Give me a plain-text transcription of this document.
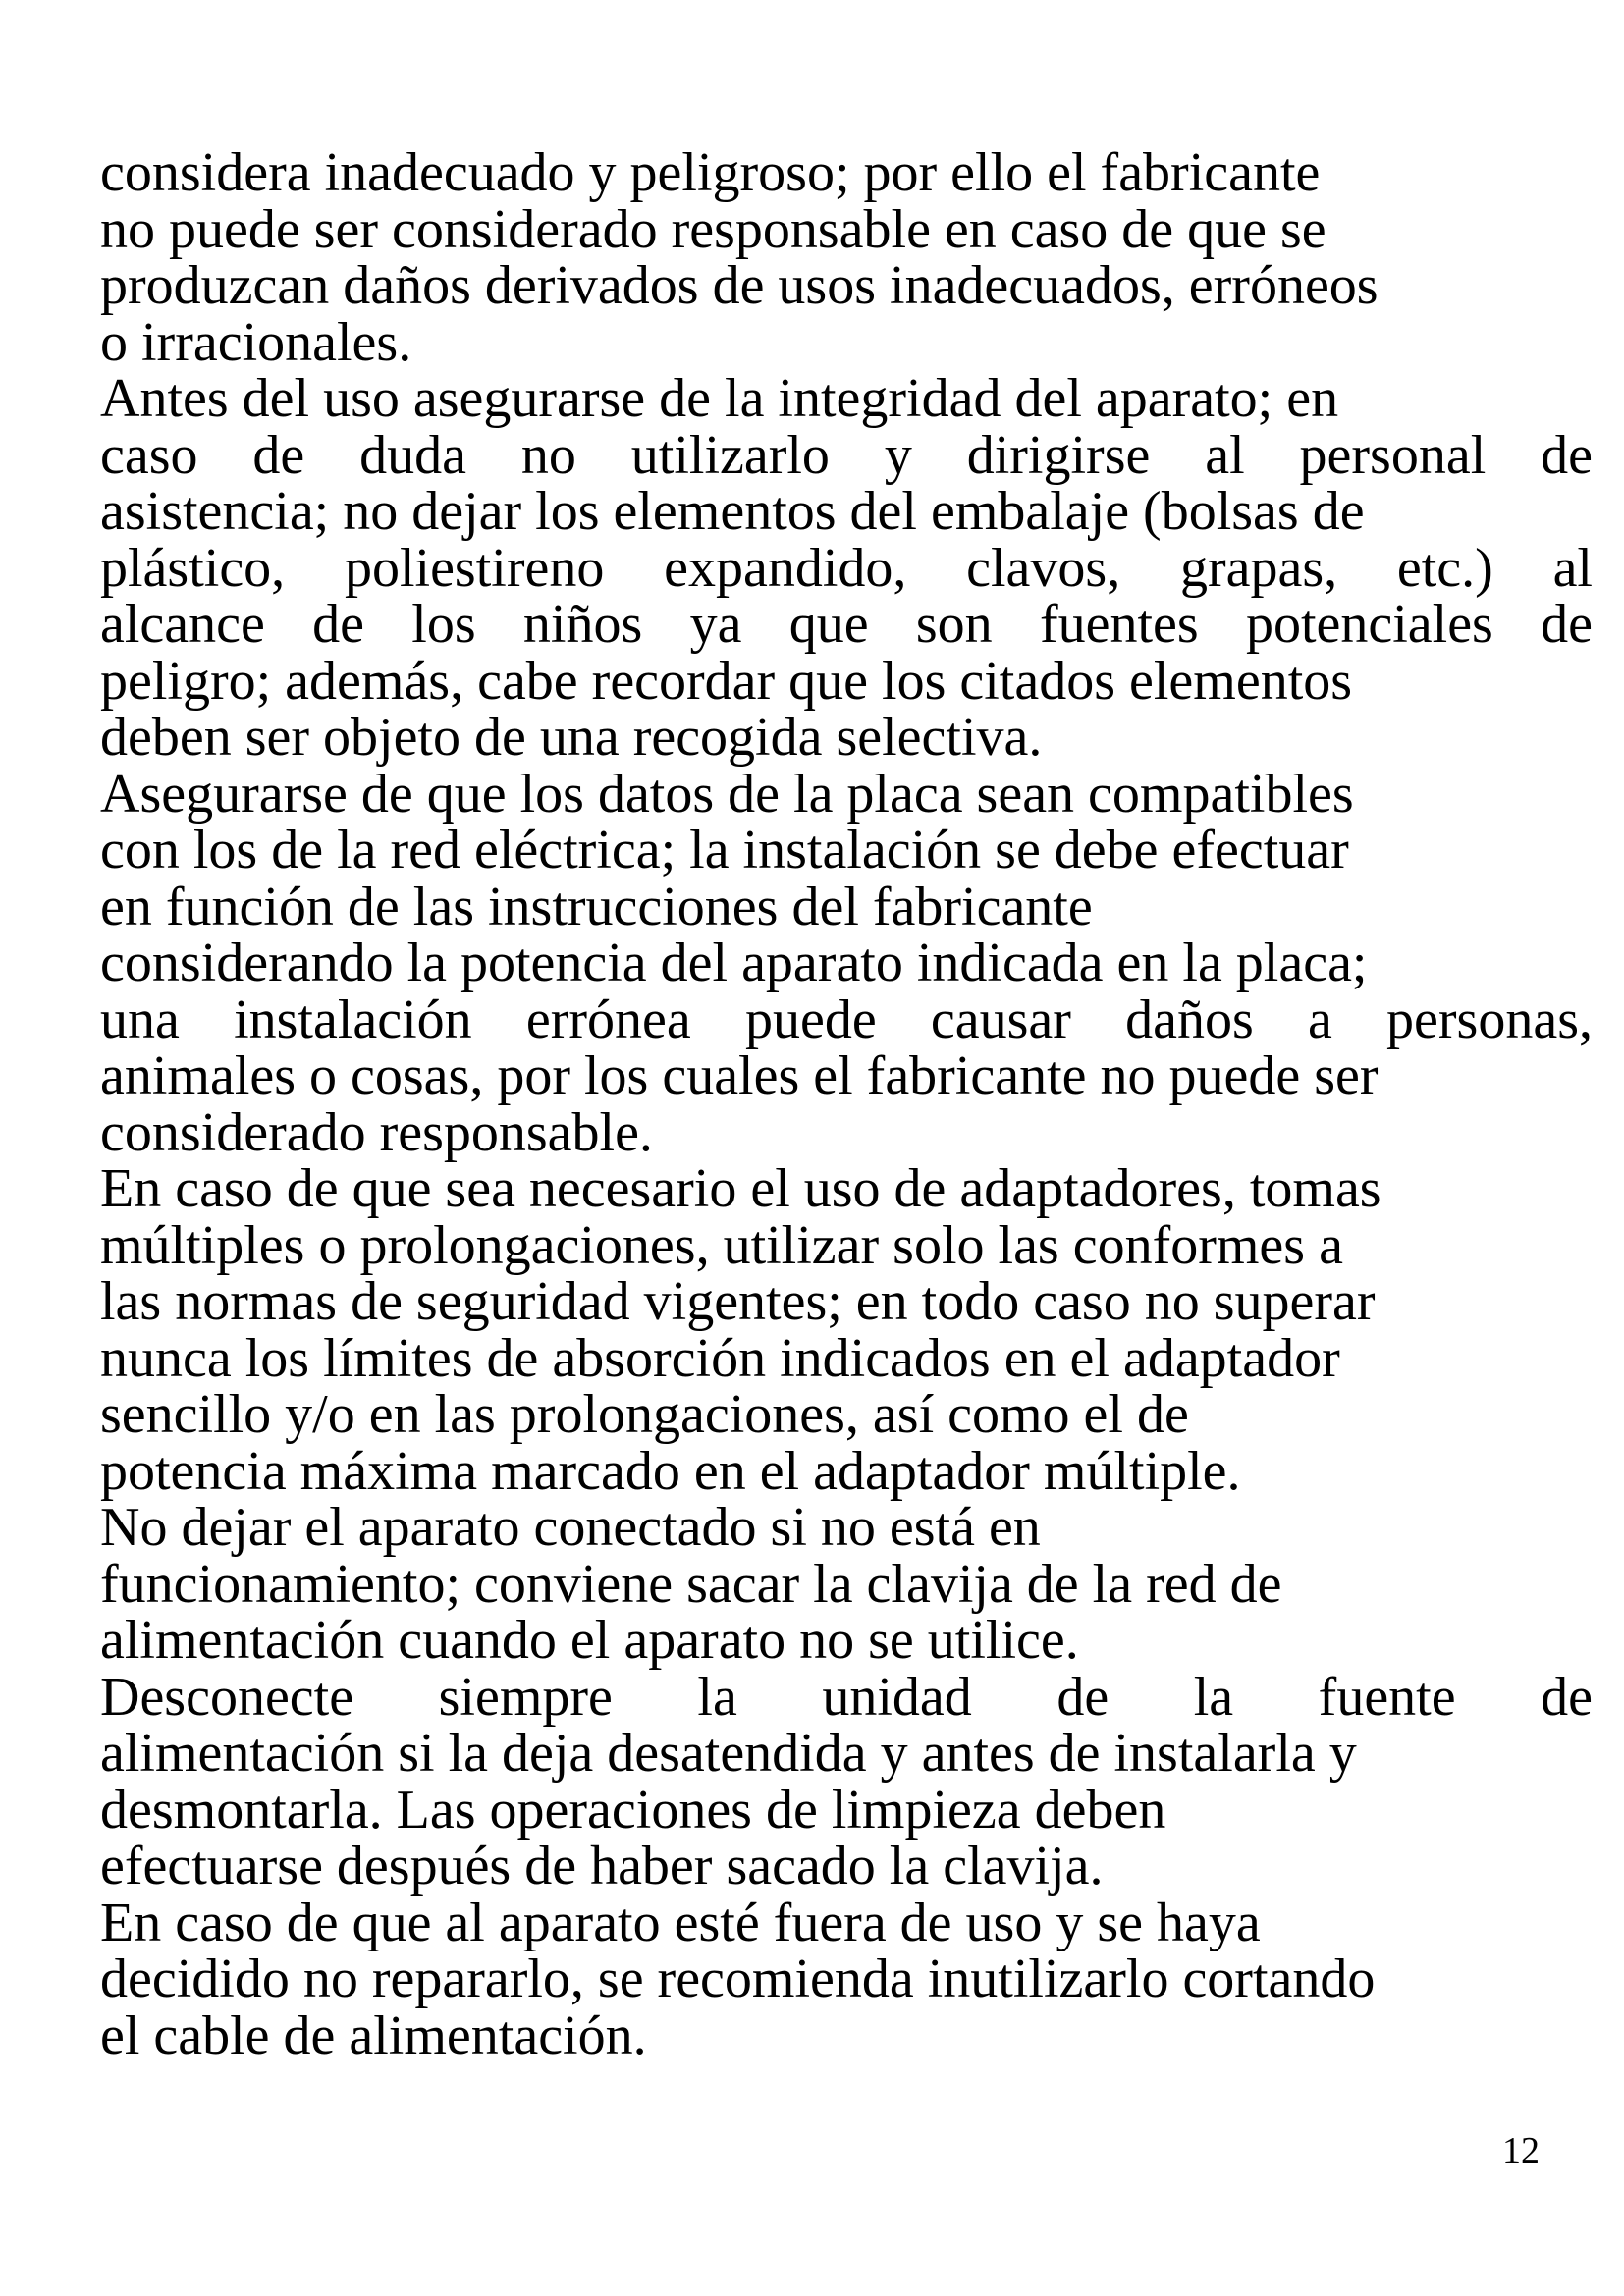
considera inadecuado y peligroso; por ello el fabricante
no puede ser considerado responsable en caso de que se
produzcan daños derivados de usos inadecuados, erróneos
o irracionales.
Antes del uso asegurarse de la integridad del aparato; en
caso de duda no utilizarlo y dirigirse al personal de
asistencia; no dejar los elementos del embalaje (bolsas de
plástico, poliestireno expandido, clavos, grapas, etc.) al
alcance de los niños ya que son fuentes potenciales de
peligro; además, cabe recordar que los citados elementos
deben ser objeto de una recogida selectiva.
Asegurarse de que los datos de la placa sean compatibles
con los de la red eléctrica; la instalación se debe efectuar
en función de las instrucciones del fabricante
considerando la potencia del aparato indicada en la placa;
una instalación errónea puede causar daños a personas,
animales o cosas, por los cuales el fabricante no puede ser
considerado responsable.
En caso de que sea necesario el uso de adaptadores, tomas
múltiples o prolongaciones, utilizar solo las conformes a
las normas de seguridad vigentes; en todo caso no superar
nunca los límites de absorción indicados en el adaptador
sencillo y/o en las prolongaciones, así como el de
potencia máxima marcado en el adaptador múltiple.
No dejar el aparato conectado si no está en
funcionamiento; conviene sacar la clavija de la red de
alimentación cuando el aparato no se utilice.
Desconecte siempre la unidad de la fuente de
alimentación si la deja desatendida y antes de instalarla y
desmontarla. Las operaciones de limpieza deben
efectuarse después de haber sacado la clavija.
En caso de que al aparato esté fuera de uso y se haya
decidido no repararlo, se recomienda inutilizarlo cortando
el cable de alimentación.
12
